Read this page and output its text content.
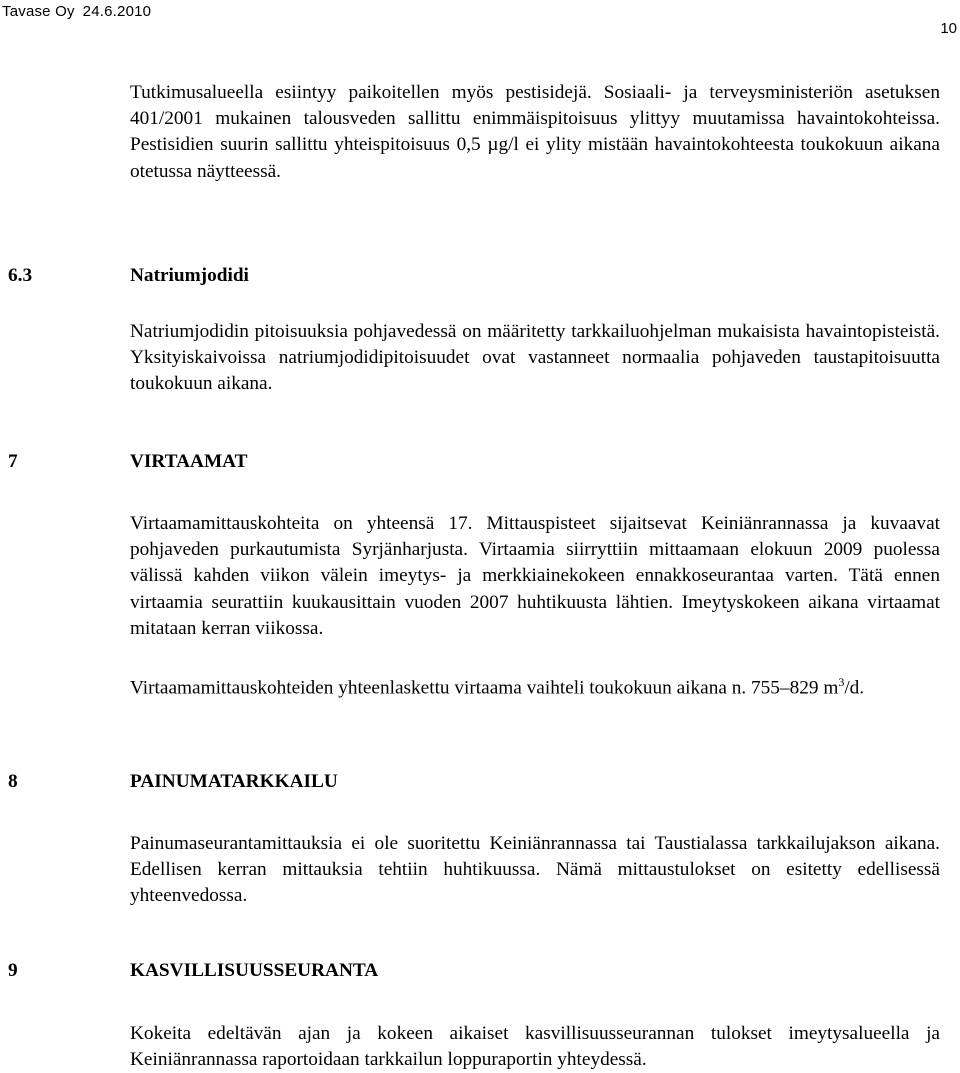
Tavase Oy 24.6.2010
10

Tutkimusalueella esiintyy paikoitellen myös pestisidejä. Sosiaali- ja terveysministeriön asetuksen 401/2001 mukainen talousveden sallittu enimmäispitoisuus ylittyy muutamissa havaintokohteissa. Pestisidien suurin sallittu yhteispitoisuus 0,5 µg/l ei ylity mistään havaintokohteesta toukokuun aikana otetussa näytteessä.

6.3	Natriumjodidi

Natriumjodidin pitoisuuksia pohjavedessä on määritetty tarkkailuohjelman mukaisista havaintopisteistä. Yksityiskaivoissa natriumjodidipitoisuudet ovat vastanneet normaalia pohjaveden taustapitoisuutta toukokuun aikana.

7	VIRTAAMAT

Virtaamamittauskohteita on yhteensä 17. Mittauspisteet sijaitsevat Keiniänrannassa ja kuvaavat pohjaveden purkautumista Syrjänharjusta. Virtaamia siirryttiin mittaamaan elokuun 2009 puolessa välissä kahden viikon välein imeytys- ja merkkiainekokeen ennakkoseurantaa varten. Tätä ennen virtaamia seurattiin kuukausittain vuoden 2007 huhtikuusta lähtien. Imeytyskokeen aikana virtaamat mitataan kerran viikossa.

Virtaamamittauskohteiden yhteenlaskettu virtaama vaihteli toukokuun aikana n. 755–829 $m^3/d$.

8	PAINUMATARKKAILU

Painumaseurantamittauksia ei ole suoritettu Keiniänrannassa tai Taustialassa tarkkailujakson aikana. Edellisen kerran mittauksia tehtiin huhtikuussa. Nämä mittaustulokset on esitetty edellisessä yhteenvedossa.

9	KASVILLISUUSSEURANTA

Kokeita edeltävän ajan ja kokeen aikaiset kasvillisuusseurannan tulokset imeytysalueella ja Keiniänrannassa raportoidaan tarkkailun loppuraportin yhteydessä.
